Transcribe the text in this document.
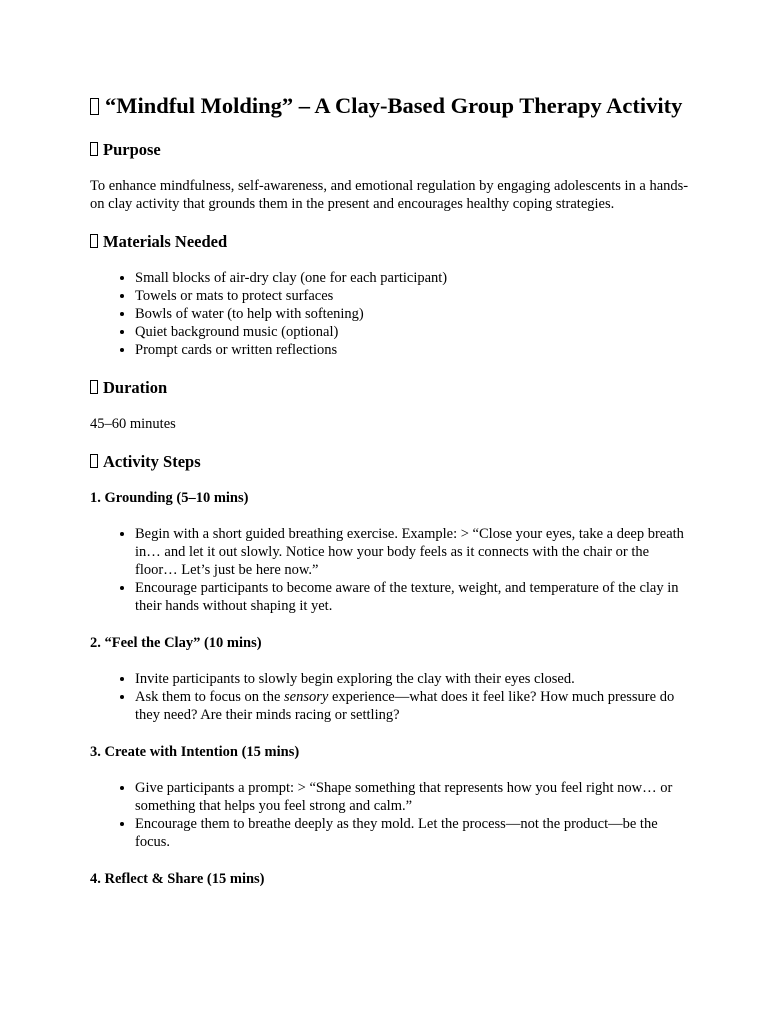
“Mindful Molding” – A Clay-Based Group Therapy Activity
Purpose

To enhance mindfulness, self-awareness, and emotional regulation by engaging adolescents in a hands-on clay activity that grounds them in the present and encourages healthy coping strategies.

Materials Needed
• Small blocks of air-dry clay (one for each participant)
• Towels or mats to protect surfaces
• Bowls of water (to help with softening)
• Quiet background music (optional)
• Prompt cards or written reflections
Duration

45–60 minutes

Activity Steps
1. Grounding (5–10 mins)
• Begin with a short guided breathing exercise. Example: > “Close your eyes, take a deep breath in… and let it out slowly. Notice how your body feels as it connects with the chair or the floor… Let’s just be here now.”
• Encourage participants to become aware of the texture, weight, and temperature of the clay in their hands without shaping it yet.
2. “Feel the Clay” (10 mins)
• Invite participants to slowly begin exploring the clay with their eyes closed.
• Ask them to focus on the sensory experience—what does it feel like? How much pressure do they need? Are their minds racing or settling?
3. Create with Intention (15 mins)
• Give participants a prompt: > “Shape something that represents how you feel right now… or something that helps you feel strong and calm.”
• Encourage them to breathe deeply as they mold. Let the process—not the product—be the focus.
4. Reflect & Share (15 mins)
